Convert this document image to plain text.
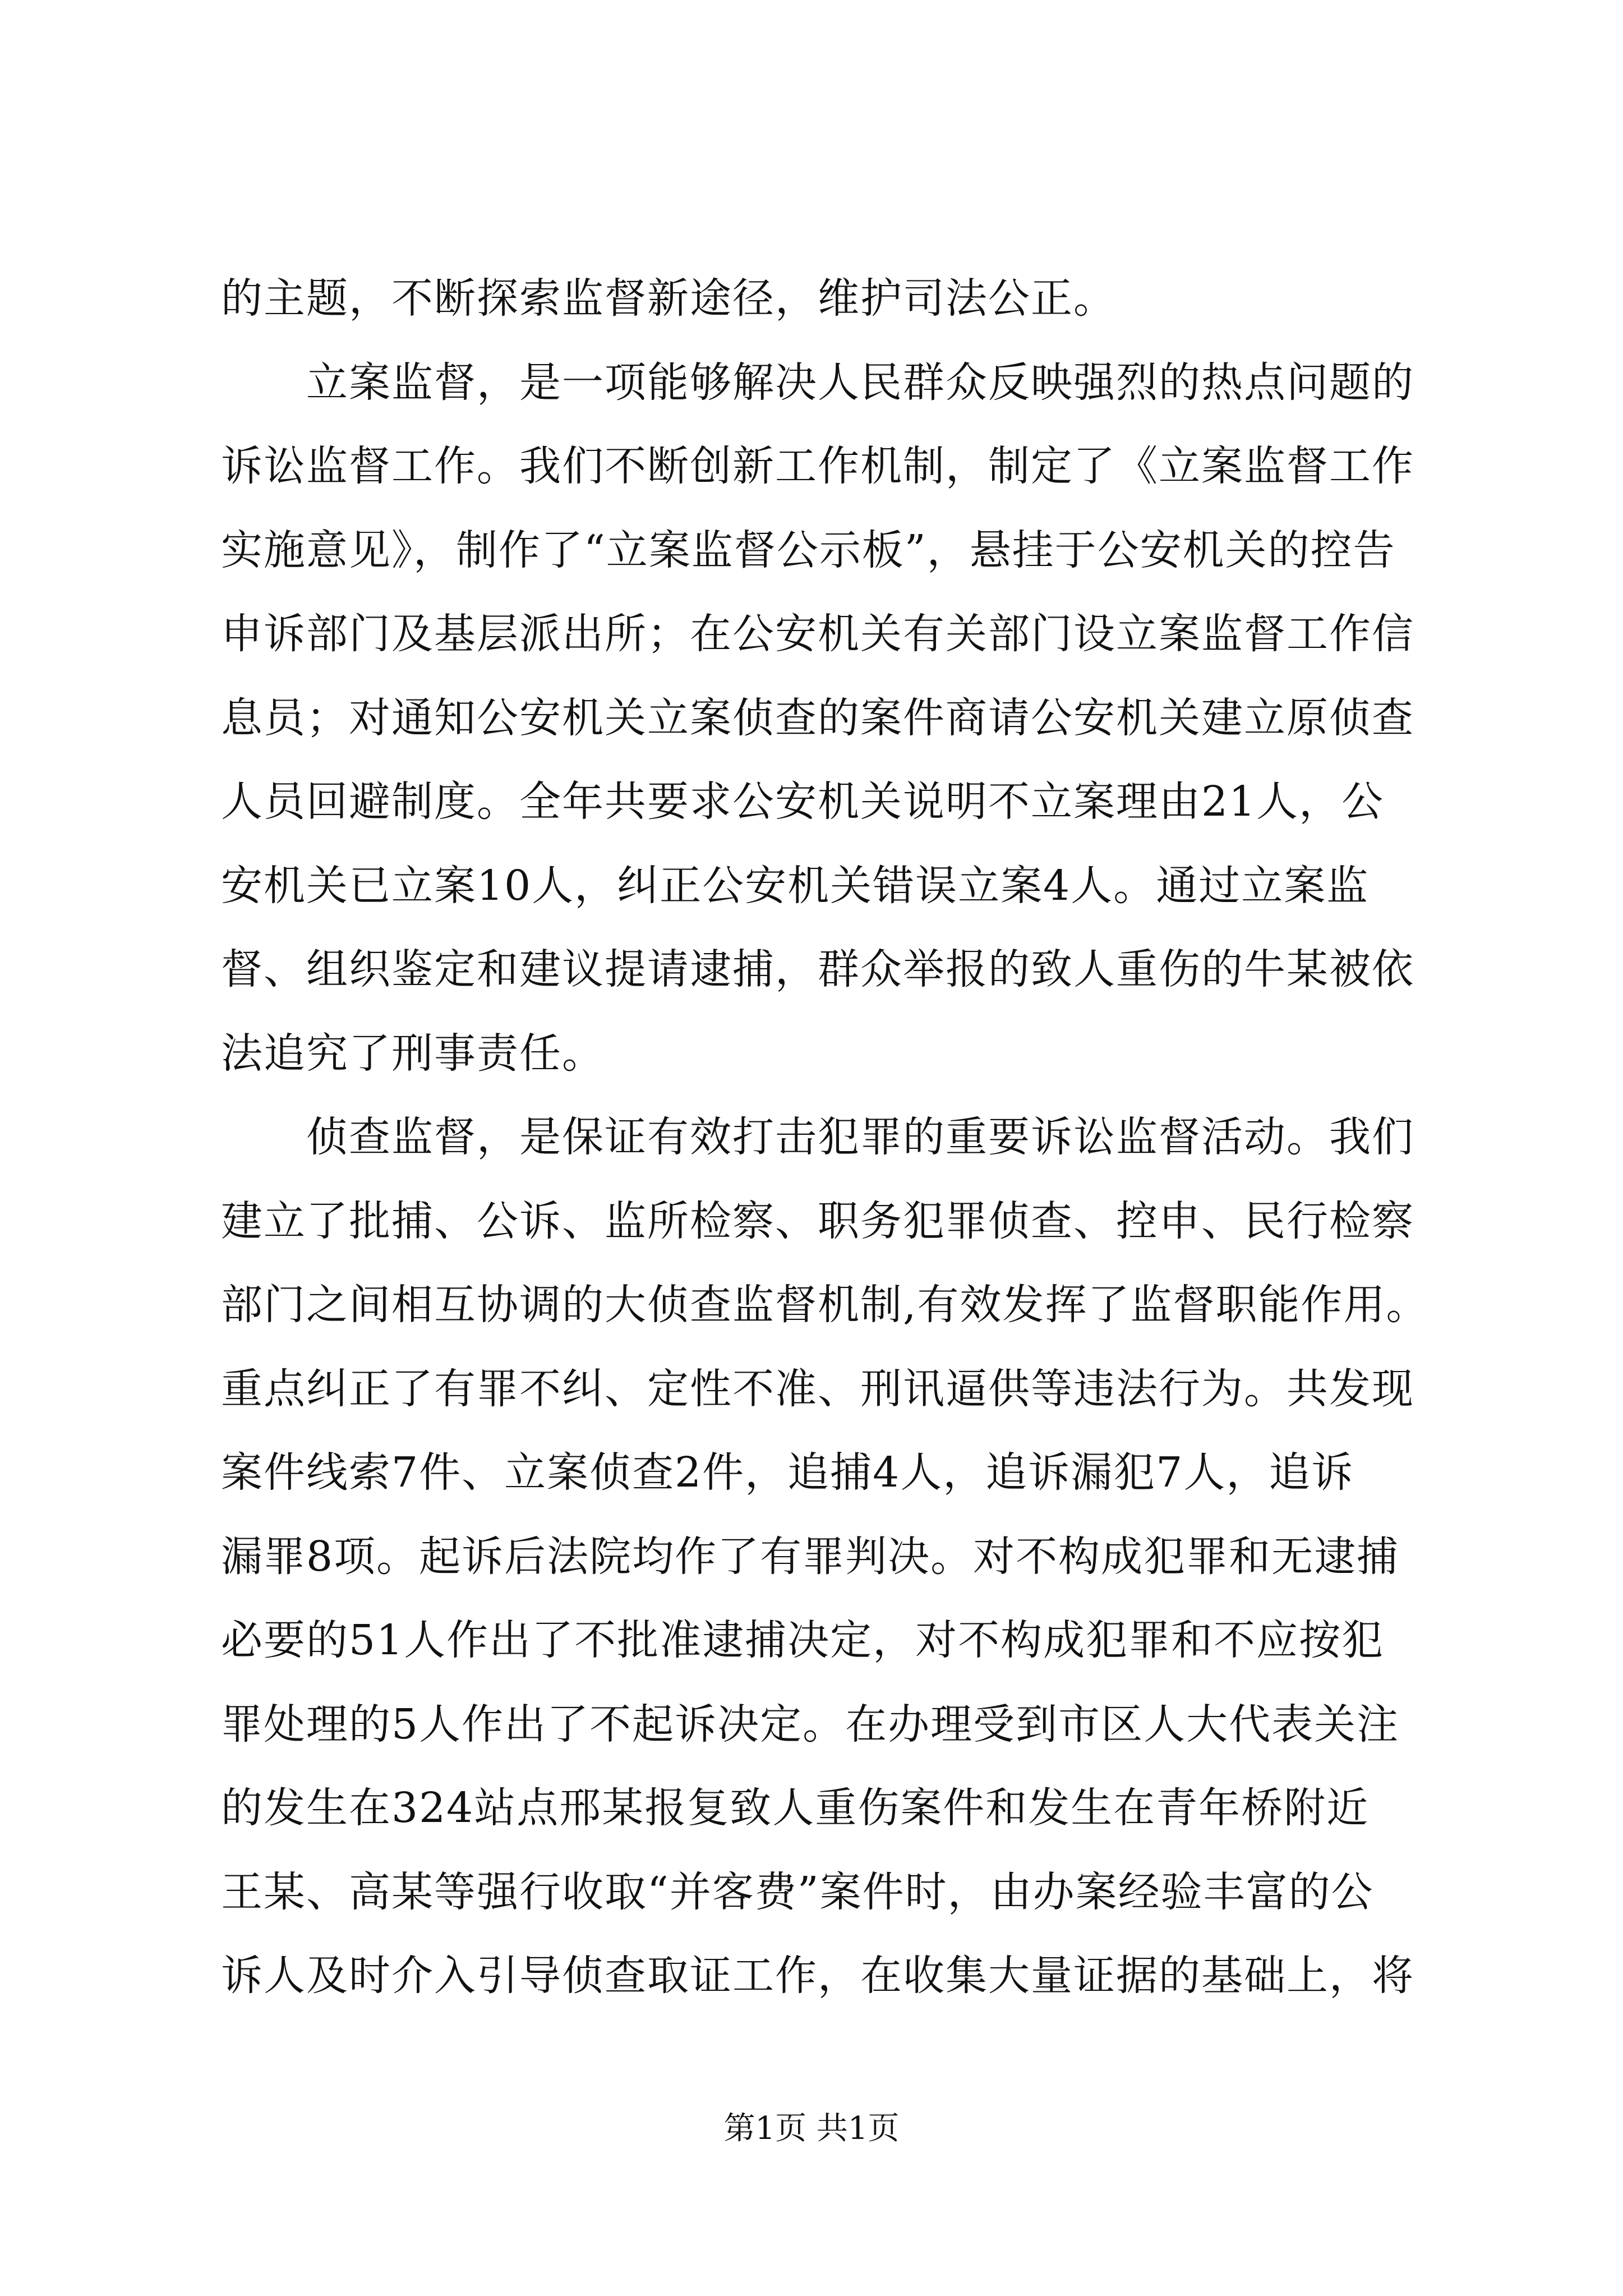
的主题，不断探索监督新途径，维护司法公正。
立案监督，是一项能够解决人民群众反映强烈的热点问题的
诉讼监督工作。我们不断创新工作机制，制定了《立案监督工作
实施意见》，制作了“立案监督公示板”，悬挂于公安机关的控告
申诉部门及基层派出所；在公安机关有关部门设立案监督工作信
息员；对通知公安机关立案侦查的案件商请公安机关建立原侦查
人员回避制度。全年共要求公安机关说明不立案理由21人，公
安机关已立案10人，纠正公安机关错误立案4人。通过立案监
督、组织鉴定和建议提请逮捕，群众举报的致人重伤的牛某被依
法追究了刑事责任。
侦查监督，是保证有效打击犯罪的重要诉讼监督活动。我们
建立了批捕、公诉、监所检察、职务犯罪侦查、控申、民行检察
部门之间相互协调的大侦查监督机制,有效发挥了监督职能作用。
重点纠正了有罪不纠、定性不准、刑讯逼供等违法行为。共发现
案件线索7件、立案侦查2件，追捕4人，追诉漏犯7人，追诉
漏罪8项。起诉后法院均作了有罪判决。对不构成犯罪和无逮捕
必要的51人作出了不批准逮捕决定，对不构成犯罪和不应按犯
罪处理的5人作出了不起诉决定。在办理受到市区人大代表关注
的发生在324站点邢某报复致人重伤案件和发生在青年桥附近
王某、高某等强行收取“并客费”案件时，由办案经验丰富的公
诉人及时介入引导侦查取证工作，在收集大量证据的基础上，将
第1页 共1页
